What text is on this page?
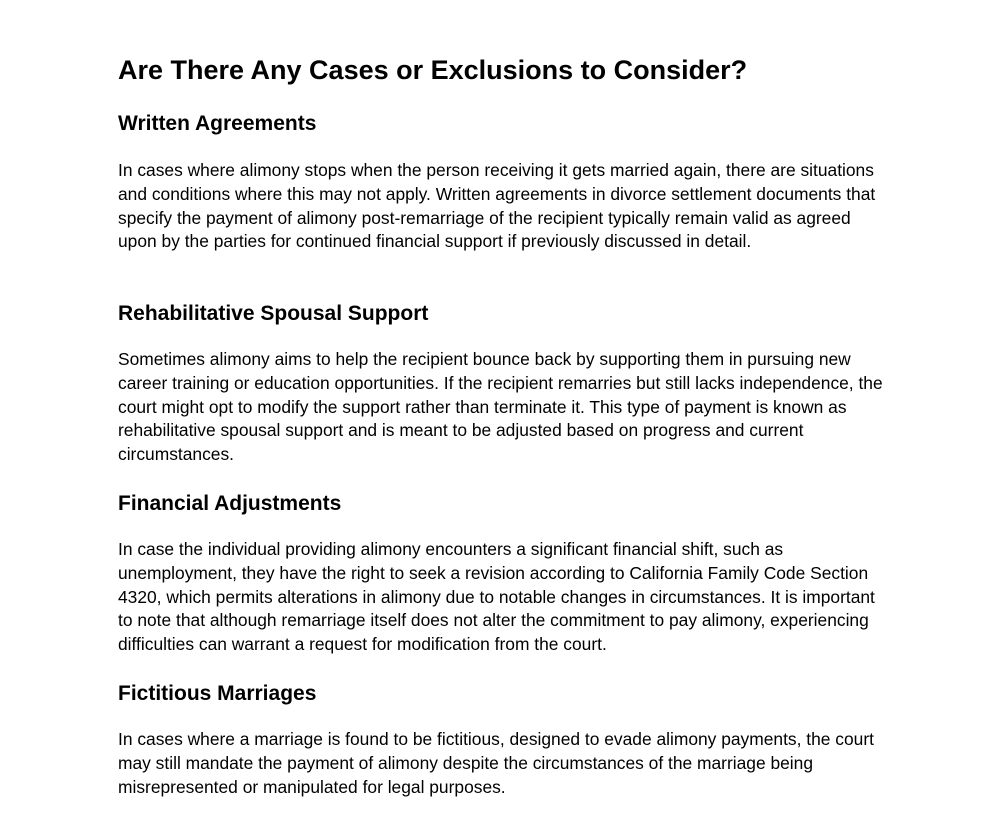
Are There Any Cases or Exclusions to Consider?
Written Agreements

In cases where alimony stops when the person receiving it gets married again, there are situations and conditions where this may not apply. Written agreements in divorce settlement documents that specify the payment of alimony post-remarriage of the recipient typically remain valid as agreed upon by the parties for continued financial support if previously discussed in detail.

Rehabilitative Spousal Support

Sometimes alimony aims to help the recipient bounce back by supporting them in pursuing new career training or education opportunities. If the recipient remarries but still lacks independence, the court might opt to modify the support rather than terminate it. This type of payment is known as rehabilitative spousal support and is meant to be adjusted based on progress and current circumstances.

Financial Adjustments

In case the individual providing alimony encounters a significant financial shift, such as unemployment, they have the right to seek a revision according to California Family Code Section 4320, which permits alterations in alimony due to notable changes in circumstances. It is important to note that although remarriage itself does not alter the commitment to pay alimony, experiencing difficulties can warrant a request for modification from the court.

Fictitious Marriages

In cases where a marriage is found to be fictitious, designed to evade alimony payments, the court may still mandate the payment of alimony despite the circumstances of the marriage being misrepresented or manipulated for legal purposes.
